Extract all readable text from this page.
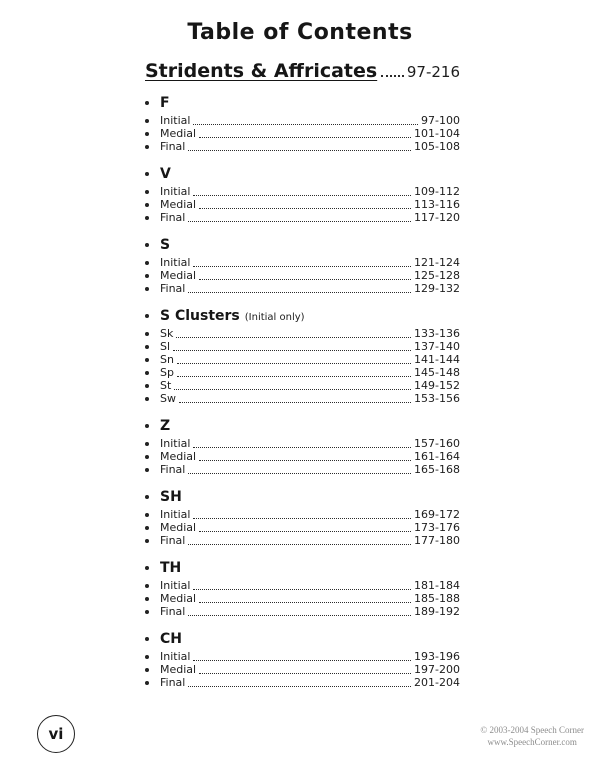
Table of Contents
Stridents & Affricates 97-216
F
Initial	97-100
Medial	101-104
Final	105-108
V
Initial	109-112
Medial	113-116
Final	117-120
S
Initial	121-124
Medial	125-128
Final	129-132
S Clusters (Initial only)
Sk	133-136
Sl	137-140
Sn	141-144
Sp	145-148
St	149-152
Sw	153-156
Z
Initial	157-160
Medial	161-164
Final	165-168
SH
Initial	169-172
Medial	173-176
Final	177-180
TH
Initial	181-184
Medial	185-188
Final	189-192
CH
Initial	193-196
Medial	197-200
Final	201-204
vi	© 2003-2004 Speech Corner
www.SpeechCorner.com
